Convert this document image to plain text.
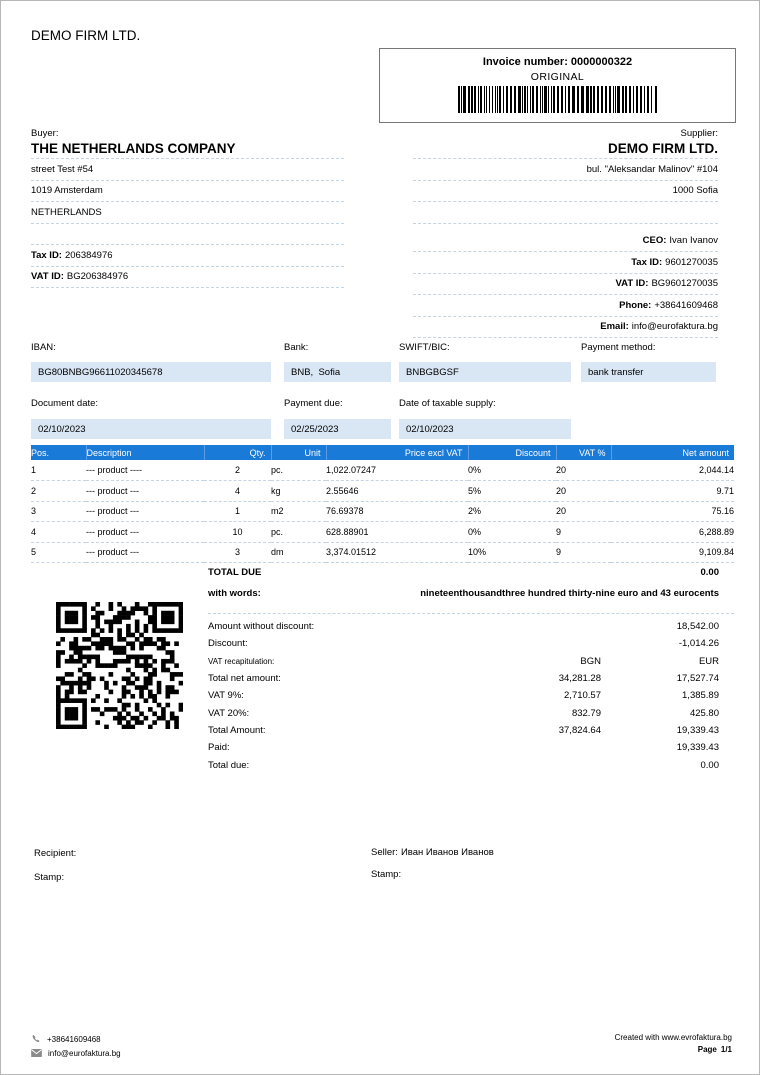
DEMO FIRM LTD.
Invoice number: 0000000322
ORIGINAL
Buyer:
THE NETHERLANDS COMPANY
street Test #54
1019 Amsterdam
NETHERLANDS
Tax ID: 206384976
VAT ID: BG206384976
Supplier:
DEMO FIRM LTD.
bul. "Aleksandar Malinov" #104
1000 Sofia
CEO: Ivan Ivanov
Tax ID: 9601270035
VAT ID: BG9601270035
Phone: +38641609468
Email: info@eurofaktura.bg
IBAN:	Bank:	SWIFT/BIC:	Payment method:
BG80BNBG96611020345678	BNB,  Sofia	BNBGBGSF	bank transfer
Document date:	Payment due:	Date of taxable supply:
02/10/2023	02/25/2023	02/10/2023
Pos.	Description	Qty.	Unit	Price excl VAT	Discount	VAT %	Net amount
1	--- product ----	2	pc.	1,022.07247	0%	20	2,044.14
2	--- product ---	4	kg	2.55646	5%	20	9.71
3	--- product ---	1	m2	76.69378	2%	20	75.16
4	--- product ---	10	pc.	628.88901	0%	9	6,288.89
5	--- product ---	3	dm	3,374.01512	10%	9	9,109.84
TOTAL DUE	0.00
with words:	nineteenthousandthree hundred thirty-nine euro and 43 eurocents
Amount without discount:	18,542.00
Discount:	-1,014.26
VAT recapitulation:	BGN	EUR
Total net amount:	34,281.28	17,527.74
VAT 9%:	2,710.57	1,385.89
VAT 20%:	832.79	425.80
Total Amount:	37,824.64	19,339.43
Paid:	19,339.43
Total due:	0.00
Recipient:
Stamp:
Seller: Иван Иванов Иванов
Stamp:
+38641609468
info@eurofaktura.bg
Created with www.evrofaktura.bg
Page 1/1
